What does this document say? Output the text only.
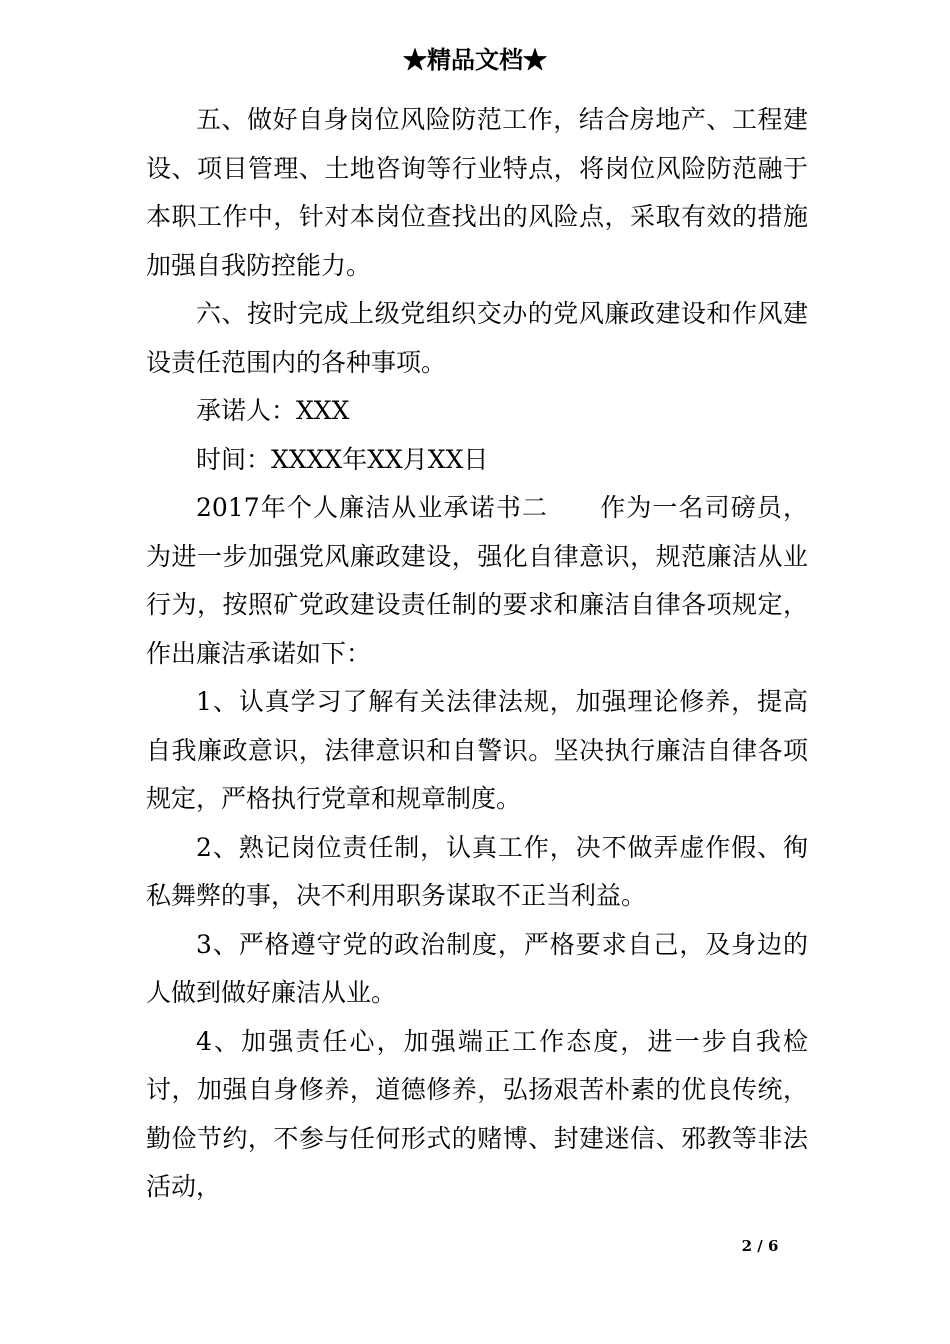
★精品文档★

五、做好自身岗位风险防范工作，结合房地产、工程建设、项目管理、土地咨询等行业特点，将岗位风险防范融于本职工作中，针对本岗位查找出的风险点，采取有效的措施加强自我防控能力。

六、按时完成上级党组织交办的党风廉政建设和作风建设责任范围内的各种事项。

承诺人：XXX

时间：XXXX年XX月XX日

2017年个人廉洁从业承诺书二　　作为一名司磅员，为进一步加强党风廉政建设，强化自律意识，规范廉洁从业行为，按照矿党政建设责任制的要求和廉洁自律各项规定，作出廉洁承诺如下：

1、认真学习了解有关法律法规，加强理论修养，提高自我廉政意识，法律意识和自警识。坚决执行廉洁自律各项规定，严格执行党章和规章制度。

2、熟记岗位责任制，认真工作，决不做弄虚作假、徇私舞弊的事，决不利用职务谋取不正当利益。

3、严格遵守党的政治制度，严格要求自己，及身边的人做到做好廉洁从业。

4、加强责任心，加强端正工作态度，进一步自我检讨，加强自身修养，道德修养，弘扬艰苦朴素的优良传统，勤俭节约，不参与任何形式的赌博、封建迷信、邪教等非法活动，

2 / 6
